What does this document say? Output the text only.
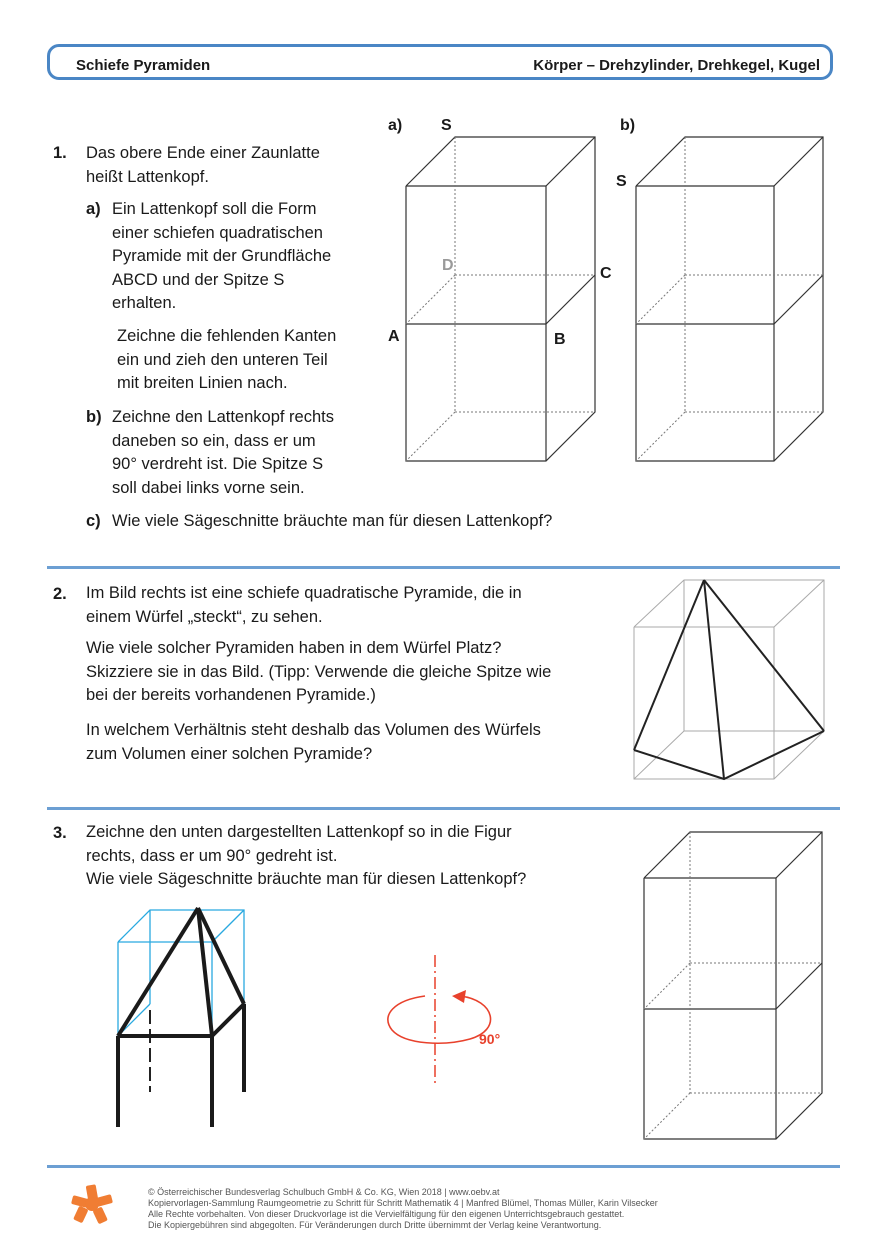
Schiefe Pyramiden	Körper – Drehzylinder, Drehkegel, Kugel
1. Das obere Ende einer Zaunlatte
heißt Lattenkopf.
a) Ein Lattenkopf soll die Form
einer schiefen quadratischen
Pyramide mit der Grundfläche
ABCD und der Spitze S
erhalten.
Zeichne die fehlenden Kanten
ein und zieh den unteren Teil
mit breiten Linien nach.
b) Zeichne den Lattenkopf rechts
daneben so ein, dass er um
90° verdreht ist. Die Spitze S
soll dabei links vorne sein.
c) Wie viele Sägeschnitte bräuchte man für diesen Lattenkopf?
a) S
D	C
A	B
b)
S
2. Im Bild rechts ist eine schiefe quadratische Pyramide, die in
einem Würfel „steckt“, zu sehen.
Wie viele solcher Pyramiden haben in dem Würfel Platz?
Skizziere sie in das Bild. (Tipp: Verwende die gleiche Spitze wie
bei der bereits vorhandenen Pyramide.)
In welchem Verhältnis steht deshalb das Volumen des Würfels
zum Volumen einer solchen Pyramide?
3. Zeichne den unten dargestellten Lattenkopf so in die Figur
rechts, dass er um 90° gedreht ist.
Wie viele Sägeschnitte bräuchte man für diesen Lattenkopf?
90°
© Österreichischer Bundesverlag Schulbuch GmbH & Co. KG, Wien 2018 | www.oebv.at
Kopiervorlagen-Sammlung Raumgeometrie zu Schritt für Schritt Mathematik 4 | Manfred Blümel, Thomas Müller, Karin Vilsecker
Alle Rechte vorbehalten. Von dieser Druckvorlage ist die Vervielfältigung für den eigenen Unterrichtsgebrauch gestattet.
Die Kopiergebühren sind abgegolten. Für Veränderungen durch Dritte übernimmt der Verlag keine Verantwortung.
